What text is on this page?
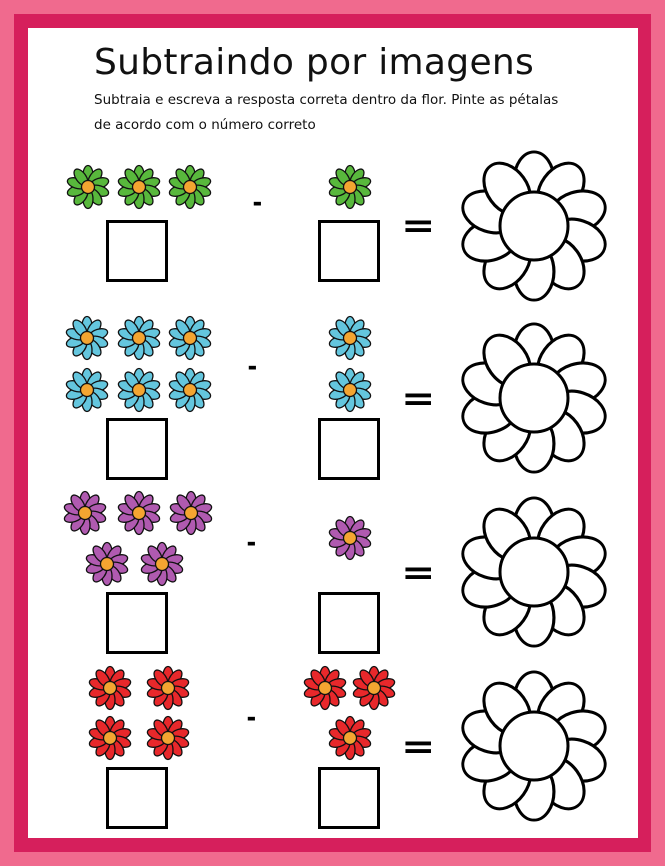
Subtraindo por imagens
Subtraia e escreva a resposta correta dentro da flor. Pinte as pétalas de acordo com o número correto
-
=
-
=
-
=
-
=
